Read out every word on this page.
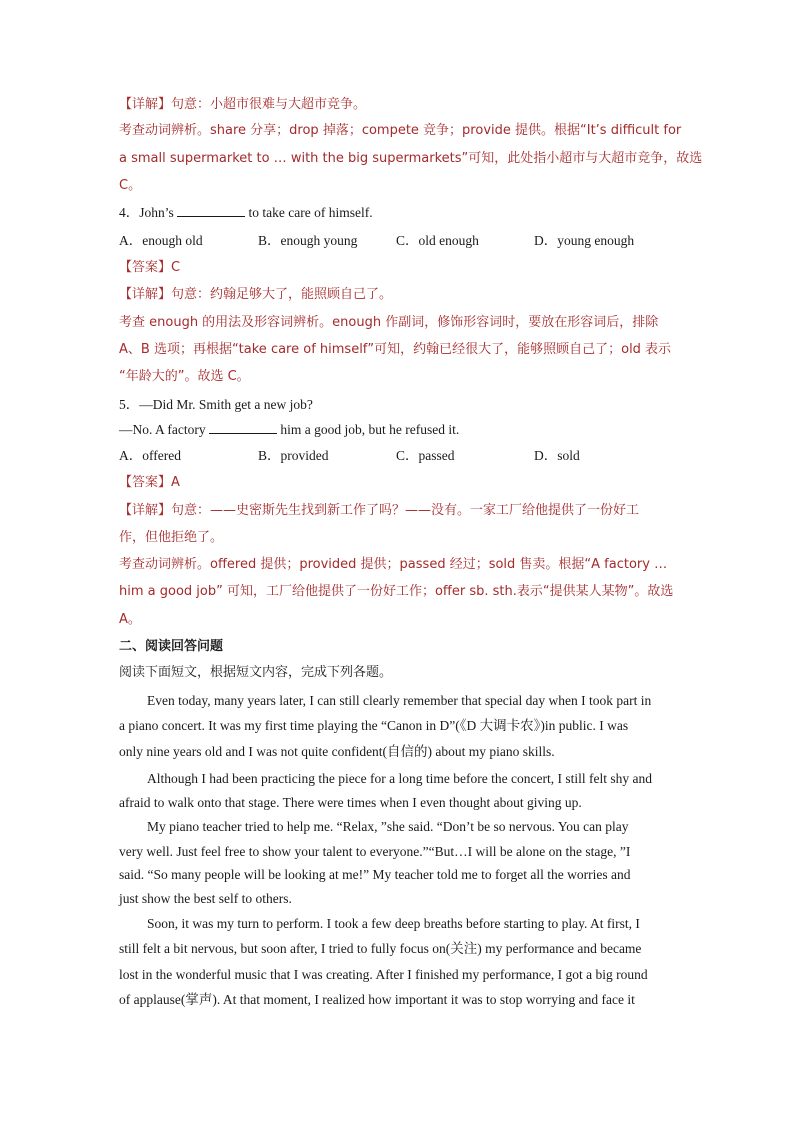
【详解】句意：小超市很难与大超市竞争。

考查动词辨析。share 分享；drop 掉落；compete 竞争；provide 提供。根据“It’s difficult for

a small supermarket to … with the big supermarkets”可知，此处指小超市与大超市竞争，故选

C。

4．John’s	to take care of himself.

A．enough old	B．enough young	C．old enough	D．young enough

【答案】C

【详解】句意：约翰足够大了，能照顾自己了。

考查 enough 的用法及形容词辨析。enough 作副词，修饰形容词时，要放在形容词后，排除

A、B 选项；再根据“take care of himself”可知，约翰已经很大了，能够照顾自己了；old 表示

“年龄大的”。故选 C。

5．—Did Mr. Smith get a new job?

—No. A factory	him a good job, but he refused it.

A．offered	B．provided	C．passed	D．sold

【答案】A

【详解】句意：——史密斯先生找到新工作了吗？——没有。一家工厂给他提供了一份好工

作，但他拒绝了。

考查动词辨析。offered 提供；provided 提供；passed 经过；sold 售卖。根据“A factory …

him a good job” 可知，工厂给他提供了一份好工作；offer sb. sth.表示“提供某人某物”。故选

A。

二、阅读回答问题

阅读下面短文，根据短文内容，完成下列各题。

Even today, many years later, I can still clearly remember that special day when I took part in

a piano concert. It was my first time playing the “Canon in D”(《D 大调卡农》)in public. I was

only nine years old and I was not quite confident(自信的) about my piano skills.

Although I had been practicing the piece for a long time before the concert, I still felt shy and

afraid to walk onto that stage. There were times when I even thought about giving up.

My piano teacher tried to help me. “Relax, ”she said. “Don’t be so nervous. You can play

very well. Just feel free to show your talent to everyone.”“But…I will be alone on the stage, ”I

said. “So many people will be looking at me!” My teacher told me to forget all the worries and

just show the best self to others.

Soon, it was my turn to perform. I took a few deep breaths before starting to play. At first, I

still felt a bit nervous, but soon after, I tried to fully focus on(关注) my performance and became

lost in the wonderful music that I was creating. After I finished my performance, I got a big round

of applause(掌声). At that moment, I realized how important it was to stop worrying and face it
